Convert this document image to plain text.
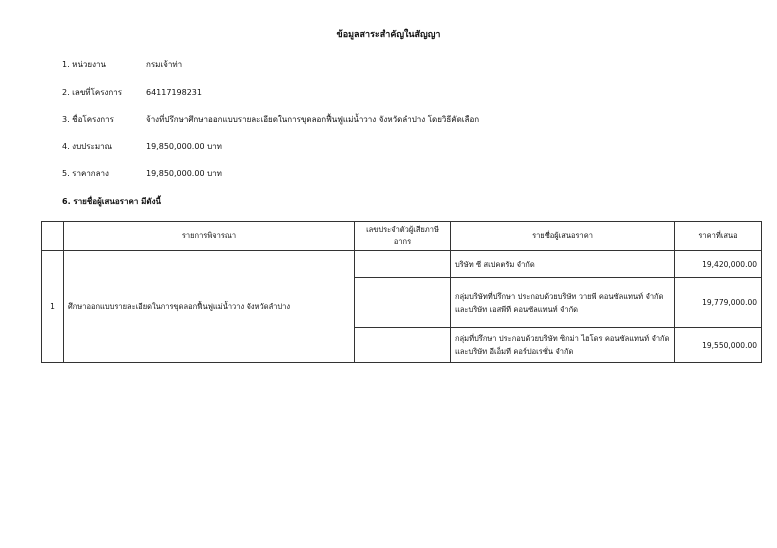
ข้อมูลสาระสำคัญในสัญญา
1. หน่วยงาน	กรมเจ้าท่า
2. เลขที่โครงการ	64117198231
3. ชื่อโครงการ	จ้างที่ปรึกษาศึกษาออกแบบรายละเอียดในการขุดลอกฟื้นฟูแม่น้ำวาง จังหวัดลำปาง โดยวิธีคัดเลือก
4. งบประมาณ	19,850,000.00 บาท
5. ราคากลาง	19,850,000.00 บาท
6. รายชื่อผู้เสนอราคา มีดังนี้
	รายการพิจารณา	เลขประจำตัวผู้เสียภาษีอากร	รายชื่อผู้เสนอราคา	ราคาที่เสนอ
1	ศึกษาออกแบบรายละเอียดในการขุดลอกฟื้นฟูแม่น้ำวาง จังหวัดลำปาง		บริษัท ซี สเปคตรัม จำกัด	19,420,000.00
			กลุ่มบริษัทที่ปรึกษา ประกอบด้วยบริษัท วายพี คอนซัลแทนท์ จำกัด และบริษัท เอสพีที คอนซัลแทนท์ จำกัด	19,779,000.00
			กลุ่มที่ปรึกษา ประกอบด้วยบริษัท ซิกม่า ไฮโดร คอนซัลแทนท์ จำกัด และบริษัท อีเอ็มที คอร์ปอเรชั่น จำกัด	19,550,000.00
